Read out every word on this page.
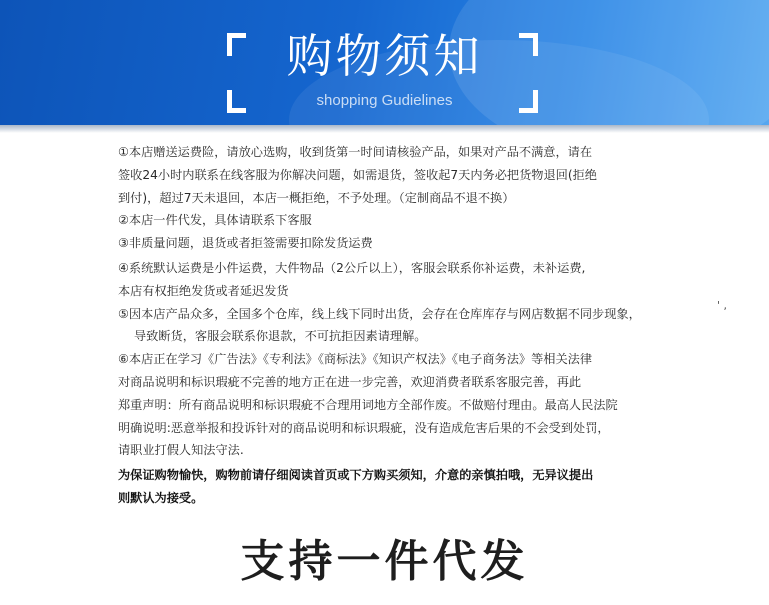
购物须知
shopping Gudielines

①本店赠送运费险，请放心选购，收到货第一时间请核验产品，如果对产品不满意，请在

签收24小时内联系在线客服为你解决问题，如需退货，签收起7天内务必把货物退回(拒绝

到付)，超过7天未退回，本店一概拒绝，不予处理。（定制商品不退不换）

②本店一件代发，具体请联系下客服

③非质量问题，退货或者拒签需要扣除发货运费

④系统默认运费是小件运费，大件物品（2公斤以上），客服会联系你补运费，未补运费,

本店有权拒绝发货或者延迟发货

⑤因本店产品众多，全国多个仓库，线上线下同时出货，会存在仓库库存与网店数据不同步现象，

导致断货，客服会联系你退款，不可抗拒因素请理解。

⑥本店正在学习《广告法》《专利法》《商标法》《知识产权法》《电子商务法》等相关法律

对商品说明和标识瑕疵不完善的地方正在进一步完善，欢迎消费者联系客服完善，再此

郑重声明：所有商品说明和标识瑕疵不合理用词地方全部作废。不做赔付理由。最高人民法院

明确说明:恶意举报和投诉针对的商品说明和标识瑕疵，没有造成危害后果的不会受到处罚，

请职业打假人知法守法.

为保证购物愉快，购物前请仔细阅读首页或下方购买须知，介意的亲慎拍哦，无异议提出

则默认为接受。

' ,
支持一件代发
